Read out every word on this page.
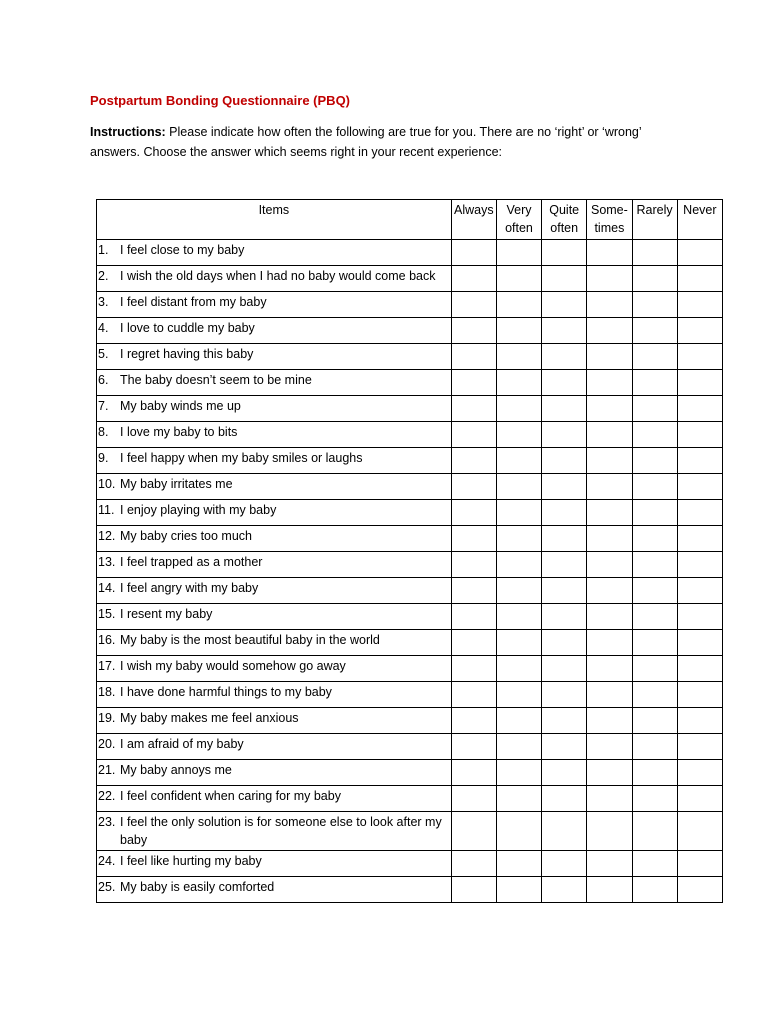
Postpartum Bonding Questionnaire (PBQ)
Instructions: Please indicate how often the following are true for you. There are no ‘right’ or ‘wrong’ answers. Choose the answer which seems right in your recent experience:
Items	Always	Very often	Quite often	Some-times	Rarely	Never

1. I feel close to my baby						

2. I wish the old days when I had no baby would come back						

3. I feel distant from my baby						

4. I love to cuddle my baby						

5. I regret having this baby						

6. The baby doesn’t seem to be mine						

7. My baby winds me up						

8. I love my baby to bits						

9. I feel happy when my baby smiles or laughs						

10. My baby irritates me						

11. I enjoy playing with my baby						

12. My baby cries too much						

13. I feel trapped as a mother						

14. I feel angry with my baby						

15. I resent my baby						

16. My baby is the most beautiful baby in the world						

17. I wish my baby would somehow go away						

18. I have done harmful things to my baby						

19. My baby makes me feel anxious						

20. I am afraid of my baby						

21. My baby annoys me						

22. I feel confident when caring for my baby						

23. I feel the only solution is for someone else to look after my baby						

24. I feel like hurting my baby						

25. My baby is easily comforted						
